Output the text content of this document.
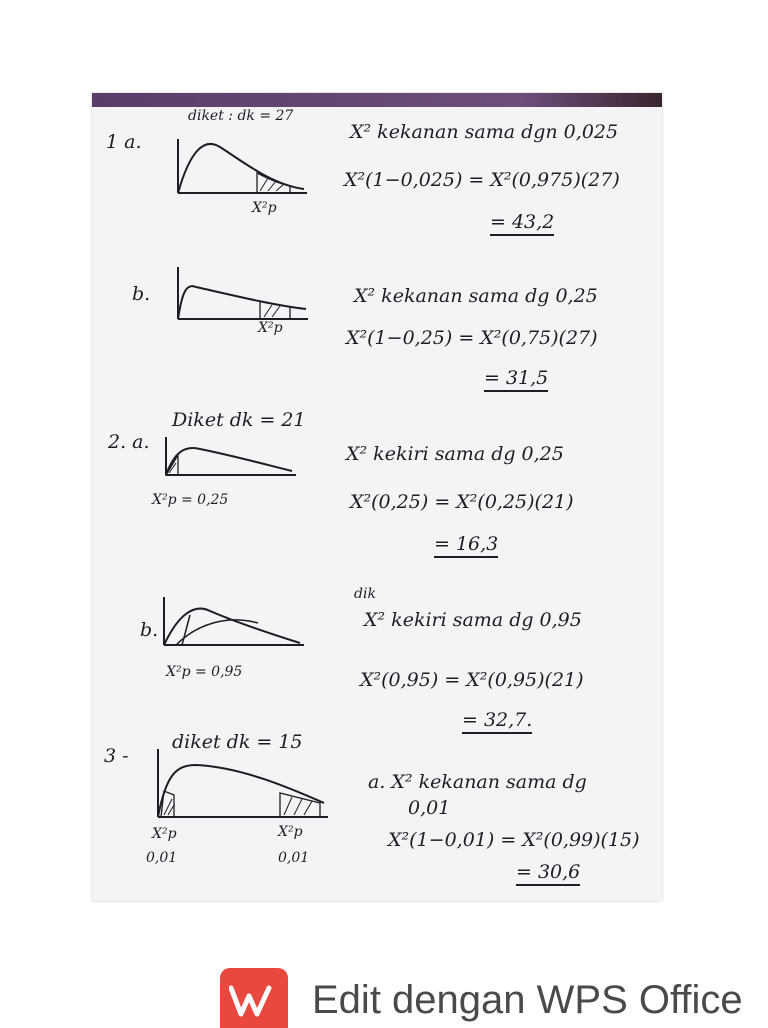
1 a.
diket : dk = 27
X²p
X² kekanan sama dgn 0,025
X²(1−0,025) = X²(0,975)(27)
= 43,2
b.
X²p
X² kekanan sama dg 0,25
X²(1−0,25) = X²(0,75)(27)
= 31,5
2. a.
Diket dk = 21
X²p = 0,25
X² kekiri sama dg 0,25
X²(0,25) = X²(0,25)(21)
= 16,3
b.
X²p = 0,95
dik
X² kekiri sama dg 0,95
X²(0,95) = X²(0,95)(21)
= 32,7.
3 -
diket dk = 15
X²p
0,01
X²p
0,01
a. X² kekanan sama dg
0,01
X²(1−0,01) = X²(0,99)(15)
= 30,6
Edit dengan WPS Office
